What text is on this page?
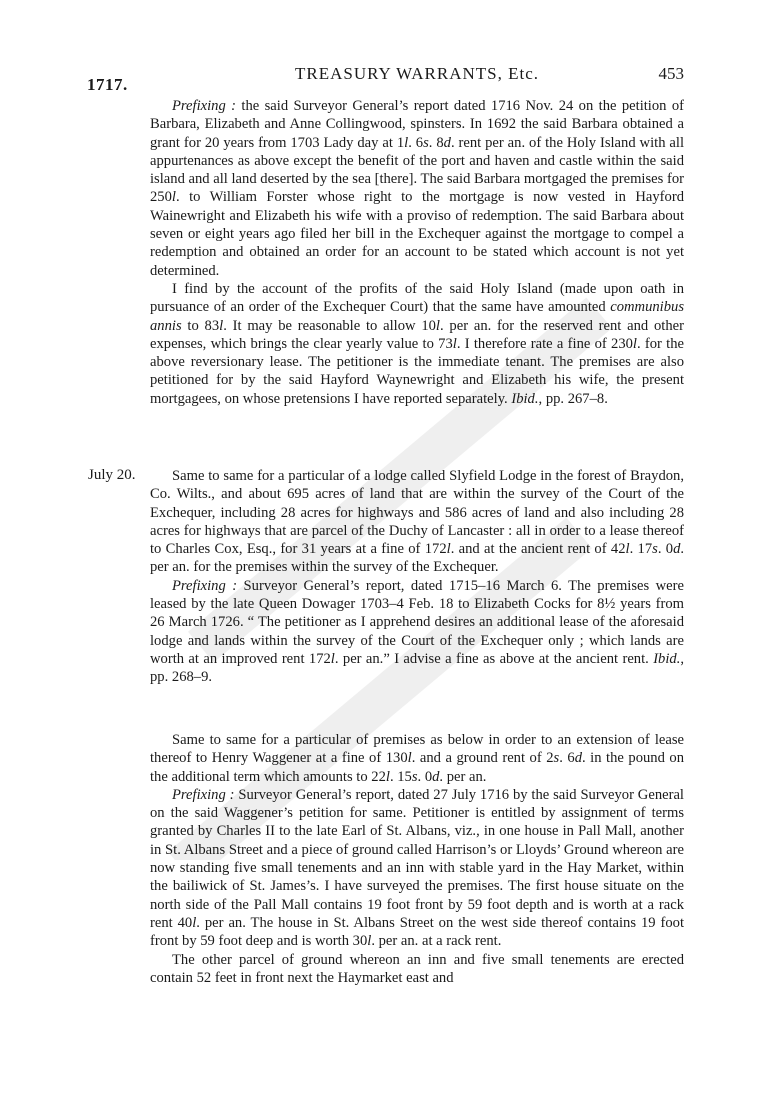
1717.
TREASURY WARRANTS, Etc.	453

Prefixing : the said Surveyor General’s report dated 1716 Nov. 24 on the petition of Barbara, Elizabeth and Anne Collingwood, spinsters. In 1692 the said Barbara obtained a grant for 20 years from 1703 Lady day at 1l. 6s. 8d. rent per an. of the Holy Island with all appurtenances as above except the benefit of the port and haven and castle within the said island and all land deserted by the sea [there]. The said Barbara mortgaged the premises for 250l. to William Forster whose right to the mortgage is now vested in Hayford Wainewright and Elizabeth his wife with a proviso of redemption. The said Barbara about seven or eight years ago filed her bill in the Exchequer against the mortgage to compel a redemption and obtained an order for an account to be stated which account is not yet determined.

I find by the account of the profits of the said Holy Island (made upon oath in pursuance of an order of the Exchequer Court) that the same have amounted communibus annis to 83l. It may be reasonable to allow 10l. per an. for the reserved rent and other expenses, which brings the clear yearly value to 73l. I therefore rate a fine of 230l. for the above reversionary lease. The petitioner is the immediate tenant. The premises are also petitioned for by the said Hayford Waynewright and Elizabeth his wife, the present mortgagees, on whose pretensions I have reported separately. Ibid., pp. 267–8.

July 20.	Same to same for a particular of a lodge called Slyfield Lodge in the forest of Braydon, Co. Wilts., and about 695 acres of land that are within the survey of the Court of the Exchequer, including 28 acres for highways and 586 acres of land and also including 28 acres for highways that are parcel of the Duchy of Lancaster : all in order to a lease thereof to Charles Cox, Esq., for 31 years at a fine of 172l. and at the ancient rent of 42l. 17s. 0d. per an. for the premises within the survey of the Exchequer.

Prefixing : Surveyor General’s report, dated 1715–16 March 6. The premises were leased by the late Queen Dowager 1703–4 Feb. 18 to Elizabeth Cocks for 8½ years from 26 March 1726. “ The petitioner as I apprehend desires an additional lease of the aforesaid lodge and lands within the survey of the Court of the Exchequer only ; which lands are worth at an improved rent 172l. per an.” I advise a fine as above at the ancient rent. Ibid., pp. 268–9.

Same to same for a particular of premises as below in order to an extension of lease thereof to Henry Waggener at a fine of 130l. and a ground rent of 2s. 6d. in the pound on the additional term which amounts to 22l. 15s. 0d. per an.

Prefixing : Surveyor General’s report, dated 27 July 1716 by the said Surveyor General on the said Waggener’s petition for same. Petitioner is entitled by assignment of terms granted by Charles II to the late Earl of St. Albans, viz., in one house in Pall Mall, another in St. Albans Street and a piece of ground called Harrison’s or Lloyds’ Ground whereon are now standing five small tenements and an inn with stable yard in the Hay Market, within the bailiwick of St. James’s. I have surveyed the premises. The first house situate on the north side of the Pall Mall contains 19 foot front by 59 foot depth and is worth at a rack rent 40l. per an. The house in St. Albans Street on the west side thereof contains 19 foot front by 59 foot deep and is worth 30l. per an. at a rack rent.

The other parcel of ground whereon an inn and five small tenements are erected contain 52 feet in front next the Haymarket east and
